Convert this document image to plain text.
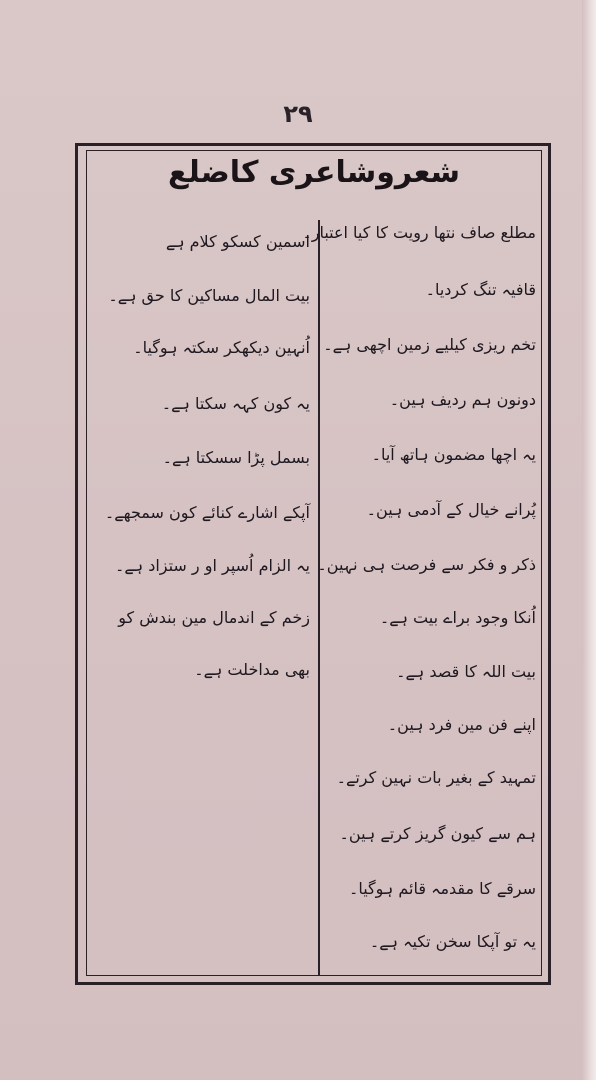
۲۹
شعروشاعری کاضلع
مطلع صاف نتھا رویت کا کیا اعتبار۔
قافیہ تنگ کردیا۔
تخم ریزی کیلیے زمین اچھی ہے۔
دونون ہم ردیف ہین۔
یہ اچھا مضمون ہاتھ آیا۔
پُرانے خیال کے آدمی ہین۔
ذکر و فکر سے فرصت ہی نہین۔
اُنکا وجود براے بیت ہے۔
بیت اللہ کا قصد ہے۔
اپنے فن مین فرد ہین۔
تمہید کے بغیر بات نہین کرتے۔
ہم سے کیون گریز کرتے ہین۔
سرقے کا مقدمہ قائم ہوگیا۔
یہ تو آپکا سخن تکیہ ہے۔
اسمین کسکو کلام ہے
بیت المال مساکین کا حق ہے۔
اُنہین دیکھکر سکتہ ہوگیا۔
یہ کون کہہ سکتا ہے۔
بسمل پڑا سسکتا ہے۔
آپکے اشارے کنائے کون سمجھے۔
یہ الزام اُسپر او ر ستزاد ہے۔
زخم کے اندمال مین بندش کو
بھی مداخلت ہے۔
